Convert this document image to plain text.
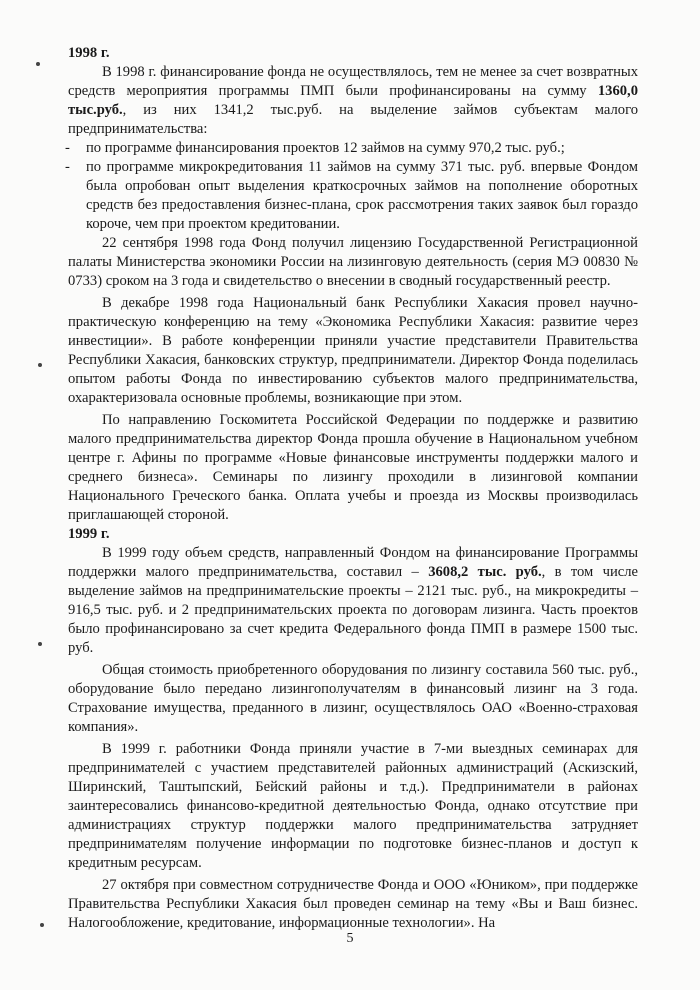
1998 г.

В 1998 г. финансирование фонда не осуществлялось, тем не менее за счет возвратных средств мероприятия программы ПМП были профинансированы на сумму 1360,0 тыс.руб., из них 1341,2 тыс.руб. на выделение займов субъектам малого предпринимательства:

- по программе финансирования проектов 12 займов на сумму 970,2 тыс. руб.;
- по программе микрокредитования 11 займов на сумму 371 тыс. руб. впервые Фондом была опробован опыт выделения краткосрочных займов на пополнение оборотных средств без предоставления бизнес-плана, срок рассмотрения таких заявок был гораздо короче, чем при проектом кредитовании.

22 сентября 1998 года Фонд получил лицензию Государственной Регистрационной палаты Министерства экономики России на лизинговую деятельность (серия МЭ 00830 № 0733) сроком на 3 года и свидетельство о внесении в сводный государственный реестр.

В декабре 1998 года Национальный банк Республики Хакасия провел научно-практическую конференцию на тему «Экономика Республики Хакасия: развитие через инвестиции». В работе конференции приняли участие представители Правительства Республики Хакасия, банковских структур, предприниматели. Директор Фонда поделилась опытом работы Фонда по инвестированию субъектов малого предпринимательства, охарактеризовала основные проблемы, возникающие при этом.

По направлению Госкомитета Российской Федерации по поддержке и развитию малого предпринимательства директор Фонда прошла обучение в Национальном учебном центре г. Афины по программе «Новые финансовые инструменты поддержки малого и среднего бизнеса». Семинары по лизингу проходили в лизинговой компании Национального Греческого банка. Оплата учебы и проезда из Москвы производилась приглашающей стороной.

1999 г.

В 1999 году объем средств, направленный Фондом на финансирование Программы поддержки малого предпринимательства, составил – 3608,2 тыс. руб., в том числе выделение займов на предпринимательские проекты – 2121 тыс. руб., на микрокредиты – 916,5 тыс. руб. и 2 предпринимательских проекта по договорам лизинга. Часть проектов было профинансировано за счет кредита Федерального фонда ПМП в размере 1500 тыс. руб.

Общая стоимость приобретенного оборудования по лизингу составила 560 тыс. руб., оборудование было передано лизингополучателям в финансовый лизинг на 3 года. Страхование имущества, преданного в лизинг, осуществлялось ОАО «Военно-страховая компания».

В 1999 г. работники Фонда приняли участие в 7-ми выездных семинарах для предпринимателей с участием представителей районных администраций (Аскизский, Ширинский, Таштыпский, Бейский районы и т.д.). Предприниматели в районах заинтересовались финансово-кредитной деятельностью Фонда, однако отсутствие при администрациях структур поддержки малого предпринимательства затрудняет предпринимателям получение информации по подготовке бизнес-планов и доступ к кредитным ресурсам.

27 октября при совместном сотрудничестве Фонда и ООО «Юником», при поддержке Правительства Республики Хакасия был проведен семинар на тему «Вы и Ваш бизнес. Налогообложение, кредитование, информационные технологии». На

5
